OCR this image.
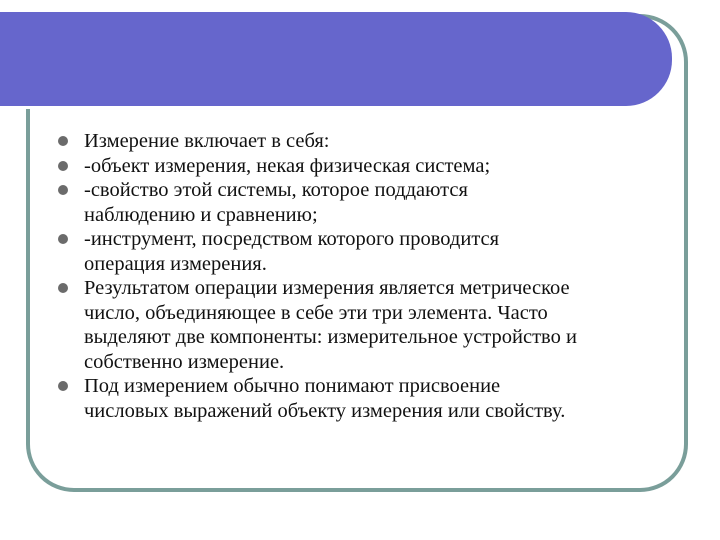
Измерение включает в себя:
-объект измерения, некая физическая система;
-свойство этой системы, которое поддаются
наблюдению и сравнению;
-инструмент, посредством которого проводится
операция измерения.
Результатом операции измерения является метрическое
число, объединяющее в себе эти три элемента. Часто
выделяют две компоненты: измерительное устройство и
собственно измерение.
Под измерением обычно понимают присвоение
числовых выражений объекту измерения или свойству.
